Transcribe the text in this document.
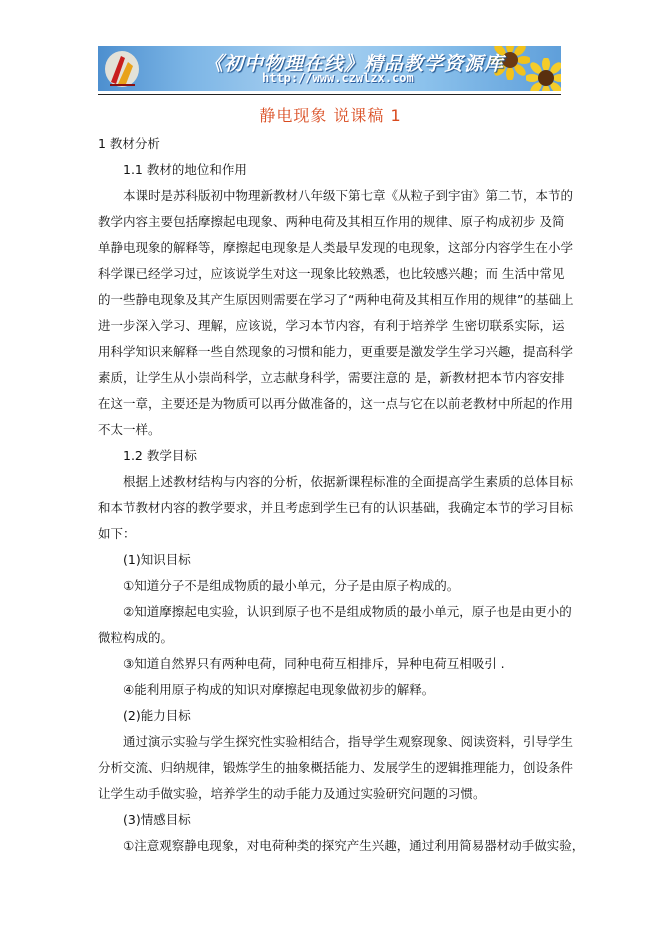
《初中物理在线》精品教学资源库
http://www.czwlzx.com
静电现象 说课稿 1
1 教材分析
1.1 教材的地位和作用
本课时是苏科版初中物理新教材八年级下第七章《从粒子到宇宙》第二节，本节的
教学内容主要包括摩擦起电现象、两种电荷及其相互作用的规律、原子构成初步 及简
单静电现象的解释等，摩擦起电现象是人类最早发现的电现象，这部分内容学生在小学
科学课已经学习过，应该说学生对这一现象比较熟悉，也比较感兴趣；而 生活中常见
的一些静电现象及其产生原因则需要在学习了“两种电荷及其相互作用的规律”的基础上
进一步深入学习、理解，应该说，学习本节内容，有利于培养学 生密切联系实际，运
用科学知识来解释一些自然现象的习惯和能力，更重要是激发学生学习兴趣，提高科学
素质，让学生从小崇尚科学，立志献身科学，需要注意的 是，新教材把本节内容安排
在这一章，主要还是为物质可以再分做准备的，这一点与它在以前老教材中所起的作用
不太一样。
1.2 教学目标
根据上述教材结构与内容的分析，依据新课程标准的全面提高学生素质的总体目标
和本节教材内容的教学要求，并且考虑到学生已有的认识基础，我确定本节的学习目标
如下：
(1)知识目标
①知道分子不是组成物质的最小单元，分子是由原子构成的。
②知道摩擦起电实验，认识到原子也不是组成物质的最小单元，原子也是由更小的
微粒构成的。
③知道自然界只有两种电荷，同种电荷互相排斥，异种电荷互相吸引 .
④能利用原子构成的知识对摩擦起电现象做初步的解释。
(2)能力目标
通过演示实验与学生探究性实验相结合，指导学生观察现象、阅读资料，引导学生
分析交流、归纳规律，锻炼学生的抽象概括能力、发展学生的逻辑推理能力，创设条件
让学生动手做实验，培养学生的动手能力及通过实验研究问题的习惯。
(3)情感目标
①注意观察静电现象，对电荷种类的探究产生兴趣，通过利用简易器材动手做实验，
